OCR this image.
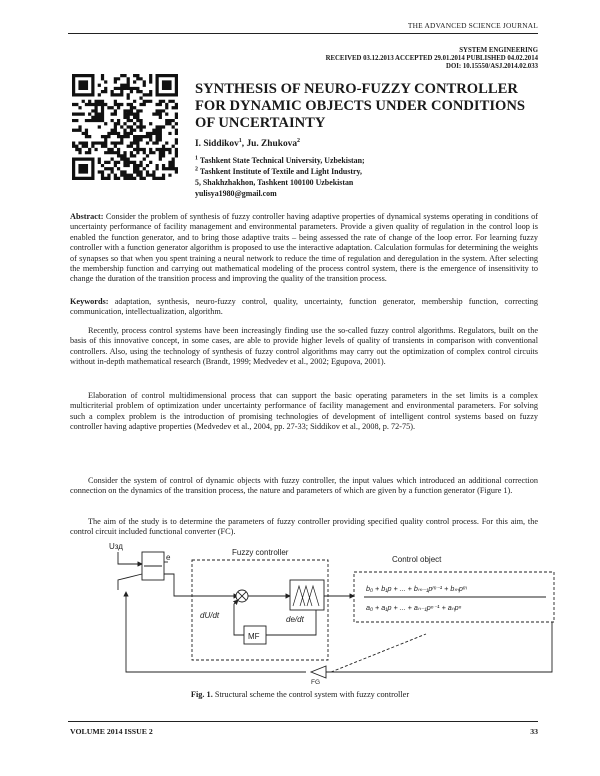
THE ADVANCED SCIENCE JOURNAL
SYSTEM ENGINEERING
RECEIVED 03.12.2013 ACCEPTED 29.01.2014 PUBLISHED 04.02.2014
DOI: 10.15550/ASJ.2014.02.033
SYNTHESIS OF NEURO-FUZZY CONTROLLER FOR DYNAMIC OBJECTS UNDER CONDITIONS OF UNCERTAINTY
I. Siddikov$^1$, Ju. Zhukova$^2$
$^1$ Tashkent State Technical University, Uzbekistan;
$^2$ Tashkent Institute of Textile and Light Industry,
5, Shakhzhakhon, Tashkent 100100 Uzbekistan
yulisya1980@gmail.com
Abstract: Consider the problem of synthesis of fuzzy controller having adaptive properties of dynamical systems operating in conditions of uncertainty performance of facility management and environmental parameters. Provide a given quality of regulation in the control loop is enabled the function generator, and to bring those adaptive traits – being assessed the rate of change of the loop error. For learning fuzzy controller with a function generator algorithm is proposed to use the interactive adaptation. Calculation formulas for determining the weights of synapses so that when you spent training a neural network to reduce the time of regulation and deregulation in the system. After selecting the membership function and carrying out mathematical modeling of the process control system, there is the emergence of insensitivity to change the duration of the transition process and improving the quality of the transition process.
Keywords: adaptation, synthesis, neuro-fuzzy control, quality, uncertainty, function generator, membership function, correcting communication, intellectualization, algorithm.
Recently, process control systems have been increasingly finding use the so-called fuzzy control algorithms. Regulators, built on the basis of this innovative concept, in some cases, are able to provide higher levels of quality of transients in comparison with conventional controllers. Also, using the technology of synthesis of fuzzy control algorithms may carry out the optimization of complex control circuits without in-depth mathematical research (Brandt, 1999; Medvedev et al., 2002; Egupova, 2001).
Elaboration of control multidimensional process that can support the basic operating parameters in the set limits is a complex multicriterial problem of optimization under uncertainty performance of facility management and environmental parameters. For solving such a complex problem is the introduction of promising technologies of development of intelligent control systems based on fuzzy controller having adaptive properties (Medvedev et al., 2004, pp. 27-33; Siddikov et al., 2008, p. 72-75).
Consider the system of control of dynamic objects with fuzzy controller, the input values which introduced an additional correction connection on the dynamics of the transition process, the nature and parameters of which are given by a function generator (Figure 1).
The aim of the study is to determine the parameters of fuzzy controller providing specified quality control process. For this aim, the control circuit included functional converter (FC).
Uзд
e
Fuzzy controller
Control object
dU/dt	de/dt
MF
FG
b₀ + b₁p + ... + bₘ₋₁pᵐ⁻¹ + bₘpᵐ
a₀ + a₁p + ... + aₙ₋₁pⁿ⁻¹ + aₙpⁿ
Fig. 1. Structural scheme the control system with fuzzy controller
VOLUME 2014 ISSUE 2	33
